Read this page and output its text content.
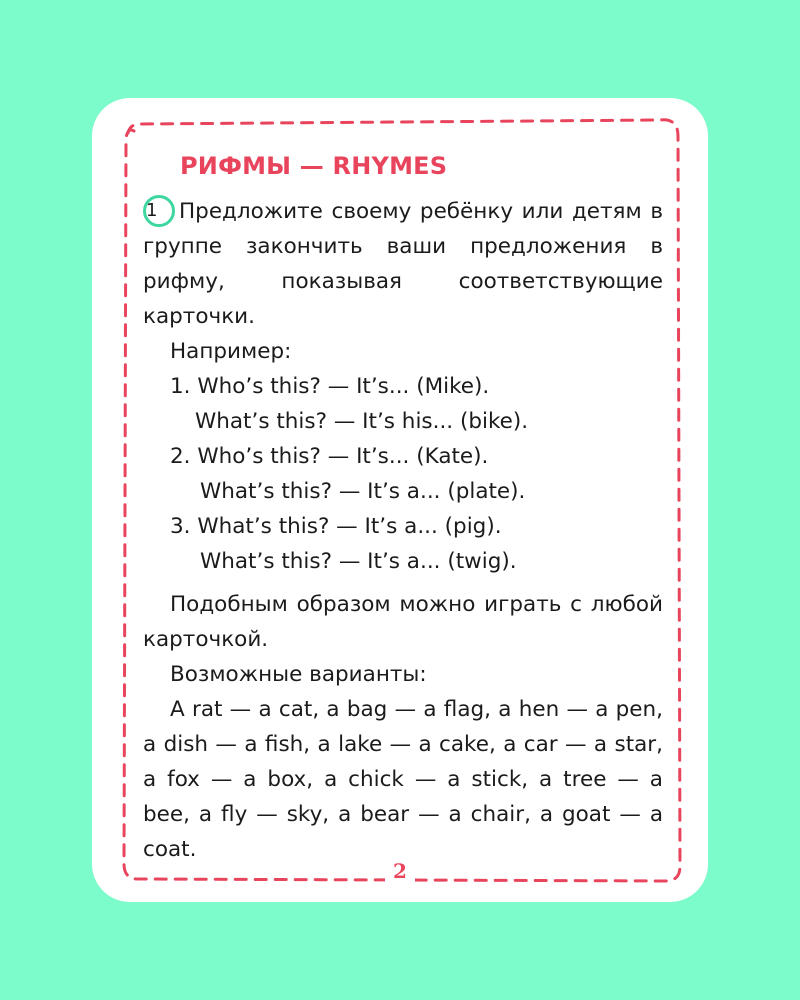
РИФМЫ — RHYMES

1 Предложите своему ребёнку или детям в группе закончить ваши предложения в рифму, показывая соответствующие карточки.

Например:

1. Who’s this? — It’s... (Mike).

What’s this? — It’s his... (bike).

2. Who’s this? — It’s... (Kate).

What’s this? — It’s a... (plate).

3. What’s this? — It’s a... (pig).

What’s this? — It’s a... (twig).

Подобным образом можно играть с любой карточкой.

Возможные варианты:

A rat — a cat, a bag — a flag, a hen — a pen, a dish — a fish, a lake — a cake, a car — a star, a fox — a box, a chick — a stick, a tree — a bee, a fly — sky, a bear — a chair, a goat — a coat.

2
